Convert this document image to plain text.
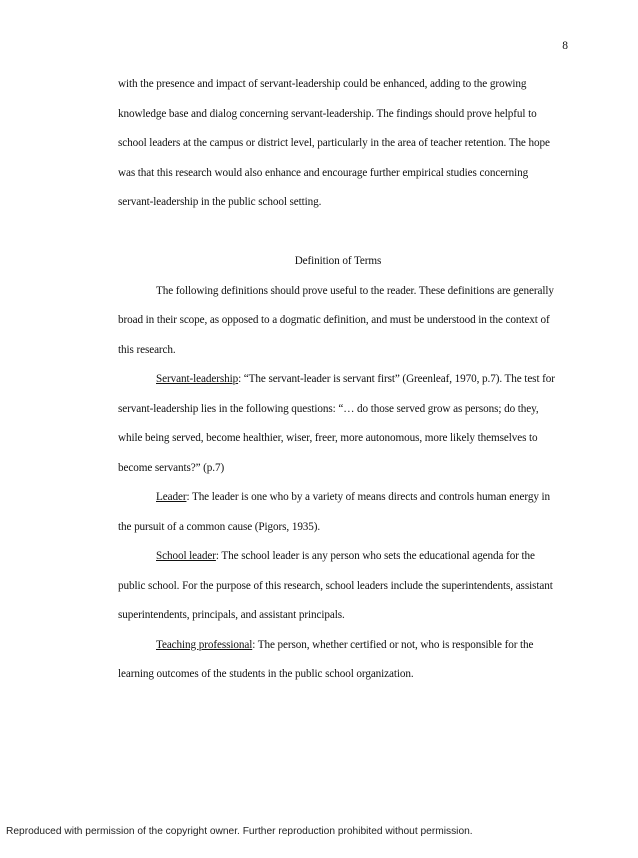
8

with the presence and impact of servant-leadership could be enhanced, adding to the growing knowledge base and dialog concerning servant-leadership. The findings should prove helpful to school leaders at the campus or district level, particularly in the area of teacher retention. The hope was that this research would also enhance and encourage further empirical studies concerning servant-leadership in the public school setting.

Definition of Terms

The following definitions should prove useful to the reader. These definitions are generally broad in their scope, as opposed to a dogmatic definition, and must be understood in the context of this research.

Servant-leadership: “The servant-leader is servant first” (Greenleaf, 1970, p.7). The test for servant-leadership lies in the following questions: “… do those served grow as persons; do they, while being served, become healthier, wiser, freer, more autonomous, more likely themselves to become servants?” (p.7)

Leader: The leader is one who by a variety of means directs and controls human energy in the pursuit of a common cause (Pigors, 1935).

School leader: The school leader is any person who sets the educational agenda for the public school. For the purpose of this research, school leaders include the superintendents, assistant superintendents, principals, and assistant principals.

Teaching professional: The person, whether certified or not, who is responsible for the learning outcomes of the students in the public school organization.

Reproduced with permission of the copyright owner. Further reproduction prohibited without permission.
